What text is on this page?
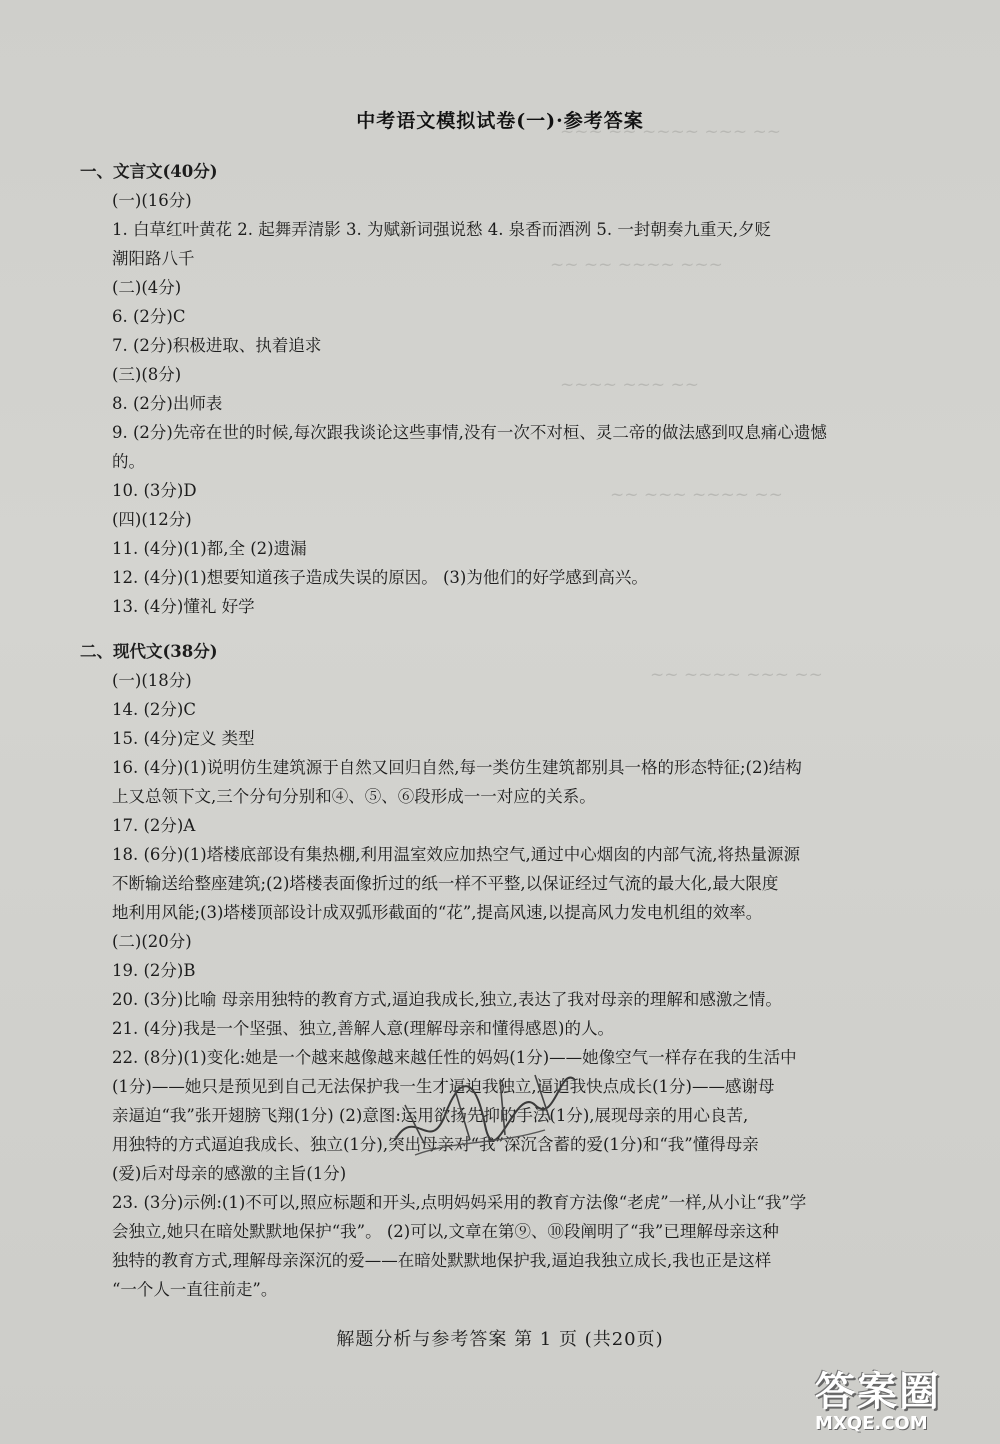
~~~ ~~ ~~~~ ~~~ ~~
~~ ~~ ~~~~ ~~~
~~~~ ~~~ ~~
~~ ~~~ ~~~~ ~~
~~ ~~~~ ~~~ ~~
中考语文模拟试卷(一)·参考答案
一、文言文(40分)
(一)(16分)
1. 白草红叶黄花 2. 起舞弄清影 3. 为赋新词强说愁 4. 泉香而酒洌 5. 一封朝奏九重天,夕贬
潮阳路八千
(二)(4分)
6. (2分)C
7. (2分)积极进取、执着追求
(三)(8分)
8. (2分)出师表
9. (2分)先帝在世的时候,每次跟我谈论这些事情,没有一次不对桓、灵二帝的做法感到叹息痛心遗憾
的。
10. (3分)D
(四)(12分)
11. (4分)(1)都,全 (2)遗漏
12. (4分)(1)想要知道孩子造成失误的原因。 (3)为他们的好学感到高兴。
13. (4分)懂礼 好学
二、现代文(38分)
(一)(18分)
14. (2分)C
15. (4分)定义 类型
16. (4分)(1)说明仿生建筑源于自然又回归自然,每一类仿生建筑都别具一格的形态特征;(2)结构
上又总领下文,三个分句分别和④、⑤、⑥段形成一一对应的关系。
17. (2分)A
18. (6分)(1)塔楼底部设有集热棚,利用温室效应加热空气,通过中心烟囱的内部气流,将热量源源
不断输送给整座建筑;(2)塔楼表面像折过的纸一样不平整,以保证经过气流的最大化,最大限度
地利用风能;(3)塔楼顶部设计成双弧形截面的“花”,提高风速,以提高风力发电机组的效率。
(二)(20分)
19. (2分)B
20. (3分)比喻 母亲用独特的教育方式,逼迫我成长,独立,表达了我对母亲的理解和感激之情。
21. (4分)我是一个坚强、独立,善解人意(理解母亲和懂得感恩)的人。
22. (8分)(1)变化:她是一个越来越像越来越任性的妈妈(1分)——她像空气一样存在我的生活中
(1分)——她只是预见到自己无法保护我一生才逼迫我独立,逼迫我快点成长(1分)——感谢母
亲逼迫“我”张开翅膀飞翔(1分) (2)意图:运用欲扬先抑的手法(1分),展现母亲的用心良苦,
用独特的方式逼迫我成长、独立(1分),突出母亲对“我”深沉含蓄的爱(1分)和“我”懂得母亲
(爱)后对母亲的感激的主旨(1分)
23. (3分)示例:(1)不可以,照应标题和开头,点明妈妈采用的教育方法像“老虎”一样,从小让“我”学
会独立,她只在暗处默默地保护“我”。 (2)可以,文章在第⑨、⑩段阐明了“我”已理解母亲这种
独特的教育方式,理解母亲深沉的爱——在暗处默默地保护我,逼迫我独立成长,我也正是这样
“一个人一直往前走”。
解题分析与参考答案 第 1 页 (共20页)
答案圈
MXQE.COM
